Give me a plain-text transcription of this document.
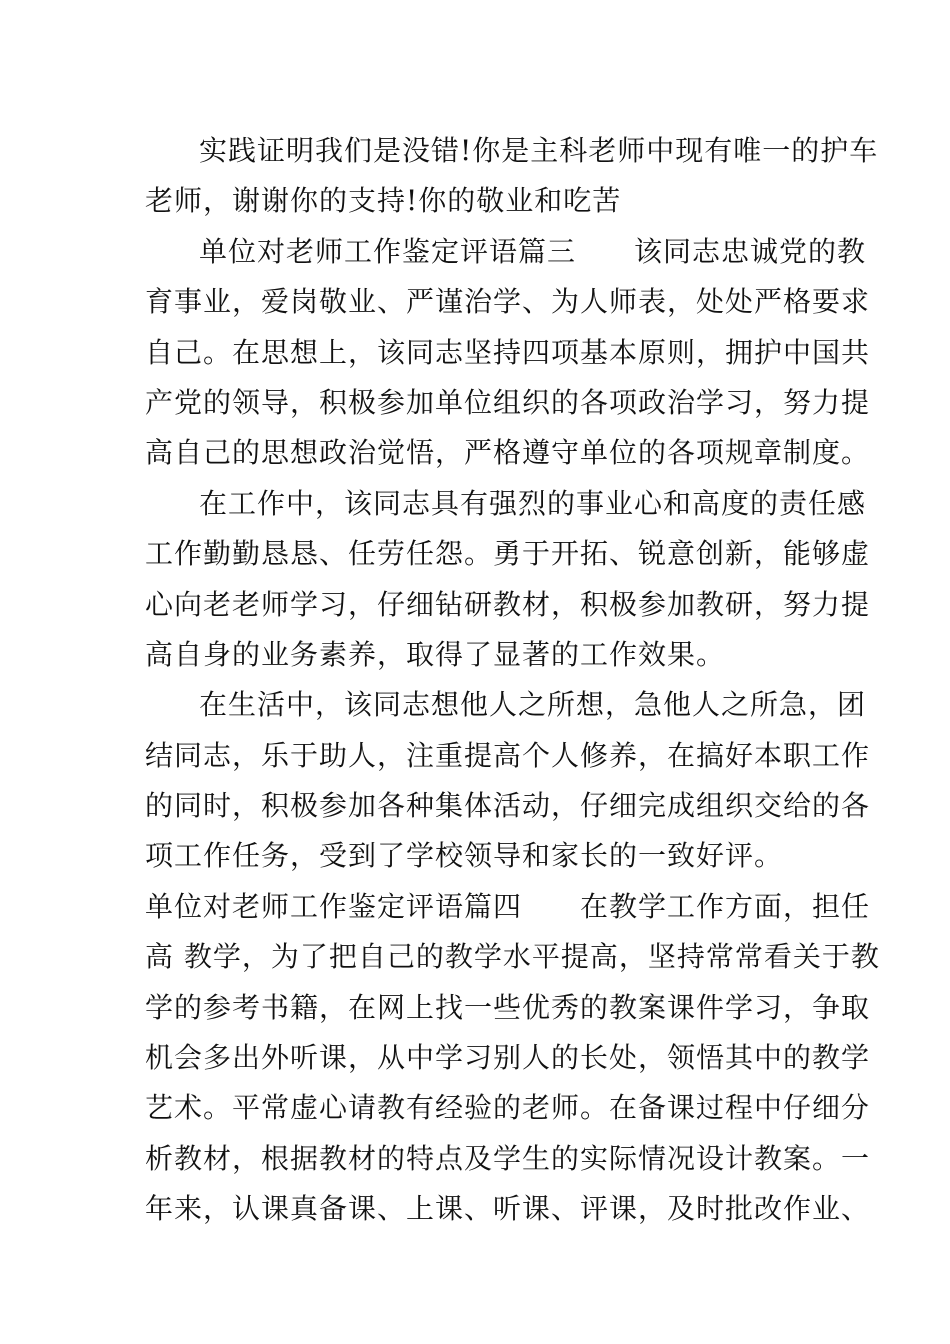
实践证明我们是没错!你是主科老师中现有唯一的护车
老师，谢谢你的支持!你的敬业和吃苦
单位对老师工作鉴定评语篇三　　该同志忠诚党的教
育事业，爱岗敬业、严谨治学、为人师表，处处严格要求
自己。在思想上，该同志坚持四项基本原则，拥护中国共
产党的领导，积极参加单位组织的各项政治学习，努力提
高自己的思想政治觉悟，严格遵守单位的各项规章制度。
在工作中，该同志具有强烈的事业心和高度的责任感
工作勤勤恳恳、任劳任怨。勇于开拓、锐意创新，能够虚
心向老老师学习，仔细钻研教材，积极参加教研，努力提
高自身的业务素养，取得了显著的工作效果。
在生活中，该同志想他人之所想，急他人之所急，团
结同志，乐于助人，注重提高个人修养，在搞好本职工作
的同时，积极参加各种集体活动，仔细完成组织交给的各
项工作任务，受到了学校领导和家长的一致好评。
单位对老师工作鉴定评语篇四　　在教学工作方面，担任
高 教学，为了把自己的教学水平提高，坚持常常看关于教
学的参考书籍，在网上找一些优秀的教案课件学习，争取
机会多出外听课，从中学习别人的长处，领悟其中的教学
艺术。平常虚心请教有经验的老师。在备课过程中仔细分
析教材，根据教材的特点及学生的实际情况设计教案。一
年来，认课真备课、上课、听课、评课，及时批改作业、
